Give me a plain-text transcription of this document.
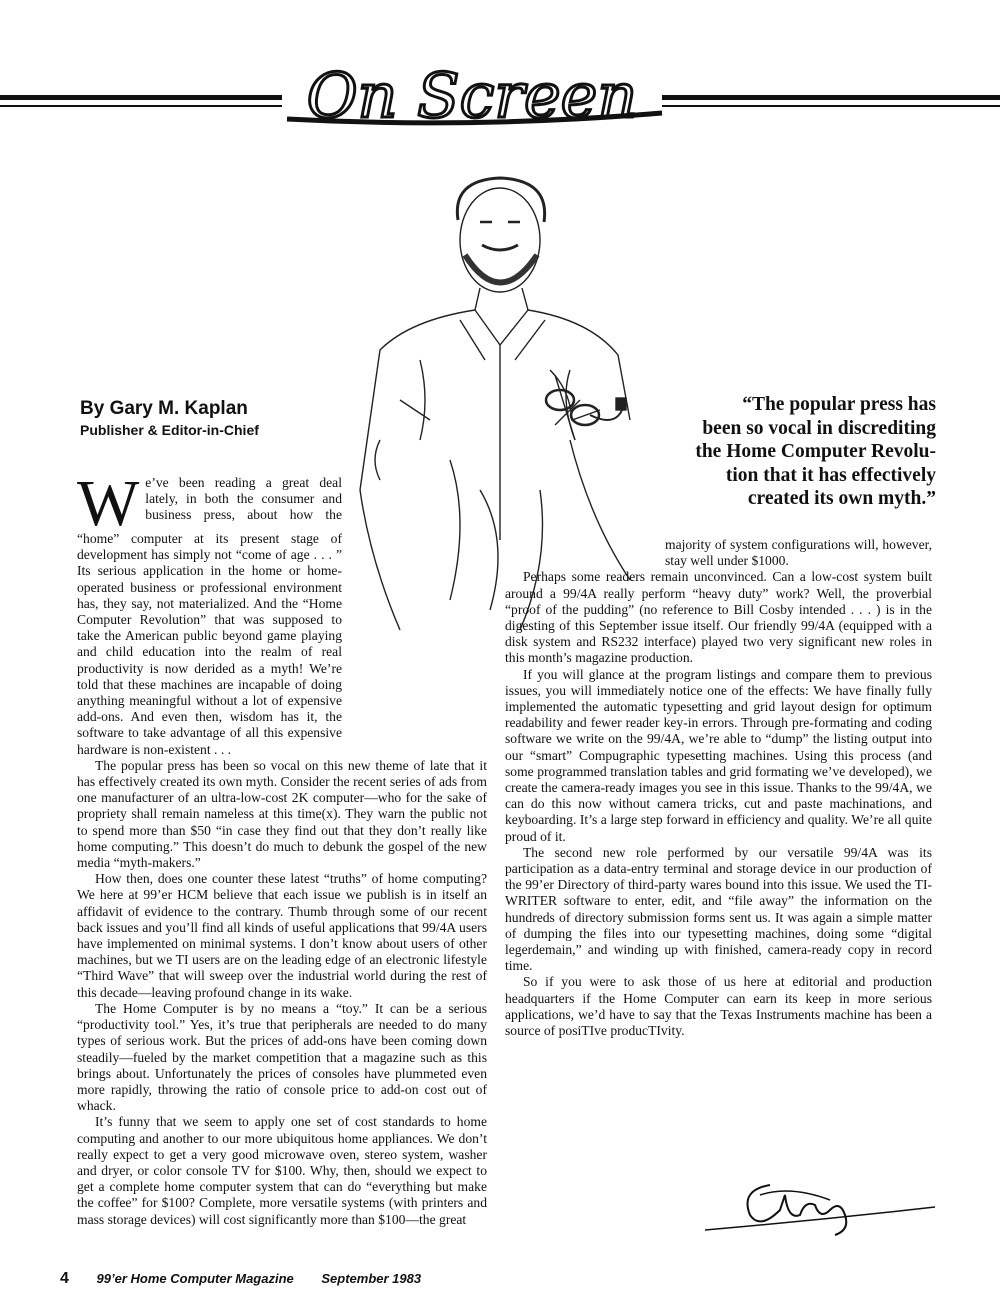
On Screen
By Gary M. Kaplan
Publisher & Editor-in-Chief
“The popular press has
been so vocal in discrediting
the Home Computer Revolu-
tion that it has effectively
created its own myth.”
W e’ve been reading a great deal
lately, in both the consumer and
business press, about how the

“home” computer at its present stage of development has simply not “come of age . . . ” Its serious application in the home or home-operated business or professional environment has, they say, not materialized. And the “Home Computer Revolution” that was supposed to take the American public beyond game playing and child education into the realm of real productivity is now derided as a myth! We’re told that these machines are incapable of doing anything meaningful without a lot of expensive add-ons. And even then, wisdom has it, the software to take advantage of all this expensive hardware is non-existent . . .

The popular press has been so vocal on this new theme of late that it has effectively created its own myth. Consider the recent series of ads from one manufacturer of an ultra-low-cost 2K computer—who for the sake of propriety shall remain nameless at this time(x). They warn the public not to spend more than $50 “in case they find out that they don’t really like home computing.” This doesn’t do much to debunk the gospel of the new media “myth-makers.”

How then, does one counter these latest “truths” of home computing? We here at 99’er HCM believe that each issue we publish is in itself an affidavit of evidence to the contrary. Thumb through some of our recent back issues and you’ll find all kinds of useful applications that 99/4A users have implemented on minimal systems. I don’t know about users of other machines, but we TI users are on the leading edge of an electronic lifestyle “Third Wave” that will sweep over the industrial world during the rest of this decade—leaving profound change in its wake.

The Home Computer is by no means a “toy.” It can be a serious “productivity tool.” Yes, it’s true that peripherals are needed to do many types of serious work. But the prices of add-ons have been coming down steadily—fueled by the market competition that a magazine such as this brings about. Unfortunately the prices of consoles have plummeted even more rapidly, throwing the ratio of console price to add-on cost out of whack.

It’s funny that we seem to apply one set of cost standards to home computing and another to our more ubiquitous home appliances. We don’t really expect to get a very good microwave oven, stereo system, washer and dryer, or color console TV for $100. Why, then, should we expect to get a complete home computer system that can do “everything but make the coffee” for $100? Complete, more versatile systems (with printers and mass storage devices) will cost significantly more than $100—the great

majority of system configurations will, however, stay well under $1000.

Perhaps some readers remain unconvinced. Can a low-cost system built around a 99/4A really perform “heavy duty” work? Well, the proverbial “proof of the pudding” (no reference to Bill Cosby intended . . . ) is in the digesting of this September issue itself. Our friendly 99/4A (equipped with a disk system and RS232 interface) played two very significant new roles in this month’s magazine production.

If you will glance at the program listings and compare them to previous issues, you will immediately notice one of the effects: We have finally fully implemented the automatic typesetting and grid layout design for optimum readability and fewer reader key-in errors. Through pre-formating and coding software we write on the 99/4A, we’re able to “dump” the listing output into our “smart” Compugraphic typesetting machines. Using this process (and some programmed translation tables and grid formating we’ve developed), we create the camera-ready images you see in this issue. Thanks to the 99/4A, we can do this now without camera tricks, cut and paste machinations, and keyboarding. It’s a large step forward in efficiency and quality. We’re all quite proud of it.

The second new role performed by our versatile 99/4A was its participation as a data-entry terminal and storage device in our production of the 99’er Directory of third-party wares bound into this issue. We used the TI-WRITER software to enter, edit, and “file away” the information on the hundreds of directory submission forms sent us. It was again a simple matter of dumping the files into our typesetting machines, doing some “digital legerdemain,” and winding up with finished, camera-ready copy in record time.

So if you were to ask those of us here at editorial and production headquarters if the Home Computer can earn its keep in more serious applications, we’d have to say that the Texas Instruments machine has been a source of posiTIve producTIvity.

4 99’er Home Computer Magazine September 1983
